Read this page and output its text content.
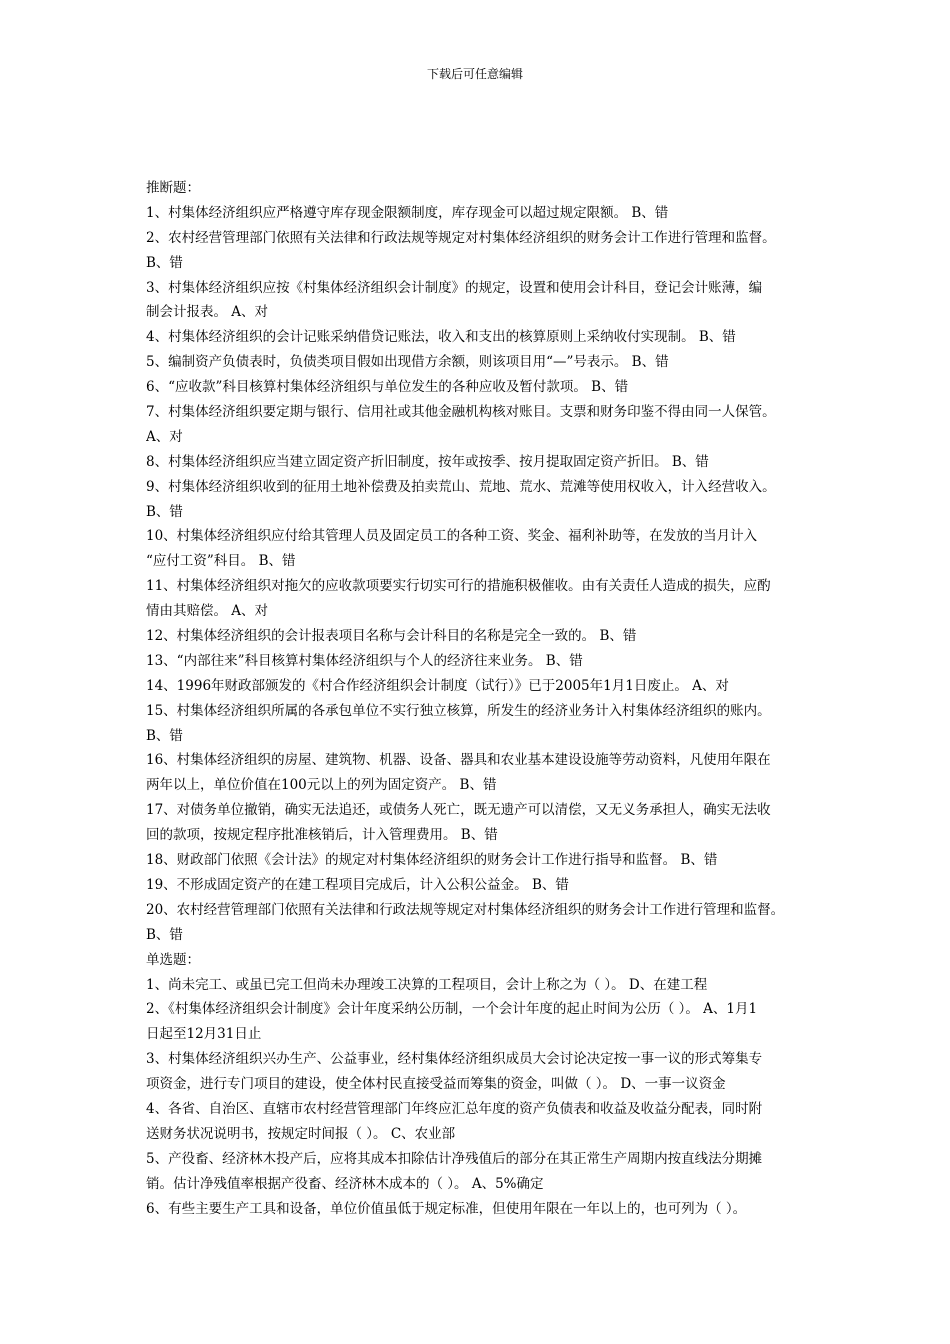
下载后可任意编辑
推断题：
1、村集体经济组织应严格遵守库存现金限额制度，库存现金可以超过规定限额。 B、错
2、农村经营管理部门依照有关法律和行政法规等规定对村集体经济组织的财务会计工作进行管理和监督。
B、错
3、村集体经济组织应按《村集体经济组织会计制度》的规定，设置和使用会计科目，登记会计账薄，编
制会计报表。 A、对
4、村集体经济组织的会计记账采纳借贷记账法，收入和支出的核算原则上采纳收付实现制。 B、错
5、编制资产负债表时，负债类项目假如出现借方余额，则该项目用“—”号表示。 B、错
6、“应收款”科目核算村集体经济组织与单位发生的各种应收及暂付款项。 B、错
7、村集体经济组织要定期与银行、信用社或其他金融机构核对账目。支票和财务印鉴不得由同一人保管。
A、对
8、村集体经济组织应当建立固定资产折旧制度，按年或按季、按月提取固定资产折旧。 B、错
9、村集体经济组织收到的征用土地补偿费及拍卖荒山、荒地、荒水、荒滩等使用权收入，计入经营收入。
B、错
10、村集体经济组织应付给其管理人员及固定员工的各种工资、奖金、福利补助等，在发放的当月计入
“应付工资”科目。 B、错
11、村集体经济组织对拖欠的应收款项要实行切实可行的措施积极催收。由有关责任人造成的损失，应酌
情由其赔偿。 A、对
12、村集体经济组织的会计报表项目名称与会计科目的名称是完全一致的。 B、错
13、“内部往来”科目核算村集体经济组织与个人的经济往来业务。 B、错
14、1996年财政部颁发的《村合作经济组织会计制度（试行）》已于2005年1月1日废止。 A、对
15、村集体经济组织所属的各承包单位不实行独立核算，所发生的经济业务计入村集体经济组织的账内。
B、错
16、村集体经济组织的房屋、建筑物、机器、设备、器具和农业基本建设设施等劳动资料，凡使用年限在
两年以上，单位价值在100元以上的列为固定资产。 B、错
17、对债务单位撤销，确实无法追还，或债务人死亡，既无遗产可以清偿，又无义务承担人，确实无法收
回的款项，按规定程序批准核销后，计入管理费用。 B、错
18、财政部门依照《会计法》的规定对村集体经济组织的财务会计工作进行指导和监督。 B、错
19、不形成固定资产的在建工程项目完成后，计入公积公益金。 B、错
20、农村经营管理部门依照有关法律和行政法规等规定对村集体经济组织的财务会计工作进行管理和监督。
B、错
单选题：
1、尚未完工、或虽已完工但尚未办理竣工决算的工程项目，会计上称之为（ ）。 D、在建工程
2、《村集体经济组织会计制度》会计年度采纳公历制，一个会计年度的起止时间为公历（ ）。 A、1月1
日起至12月31日止
3、村集体经济组织兴办生产、公益事业，经村集体经济组织成员大会讨论决定按一事一议的形式筹集专
项资金，进行专门项目的建设，使全体村民直接受益而筹集的资金，叫做（ ）。 D、一事一议资金
4、各省、自治区、直辖市农村经营管理部门年终应汇总年度的资产负债表和收益及收益分配表，同时附
送财务状况说明书，按规定时间报（ ）。 C、农业部
5、产役畜、经济林木投产后，应将其成本扣除估计净残值后的部分在其正常生产周期内按直线法分期摊
销。估计净残值率根据产役畜、经济林木成本的（ ）。 A、5%确定
6、有些主要生产工具和设备，单位价值虽低于规定标准，但使用年限在一年以上的，也可列为（ ）。
